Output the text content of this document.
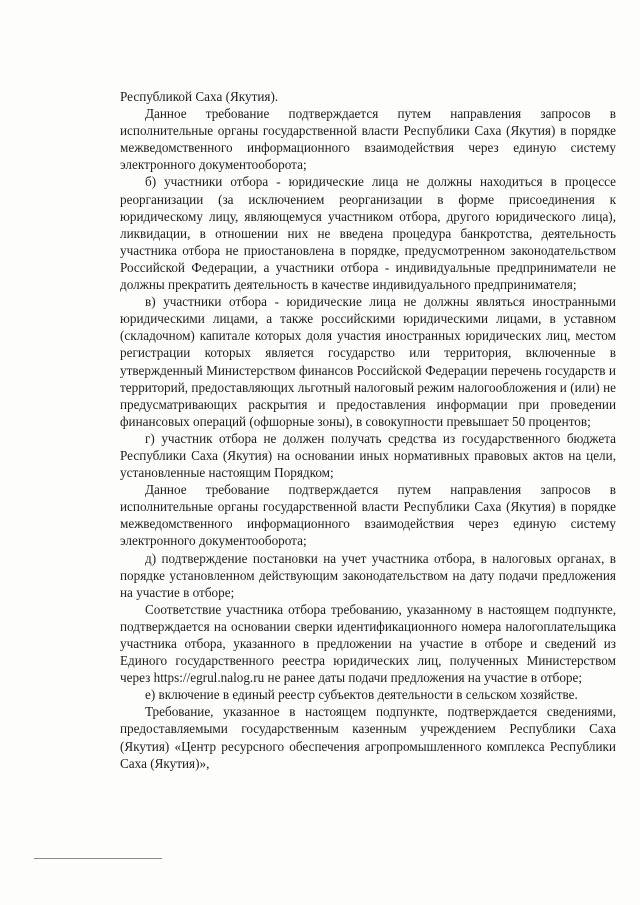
Республикой Саха (Якутия).

Данное требование подтверждается путем направления запросов в исполнительные органы государственной власти Республики Саха (Якутия) в порядке межведомственного информационного взаимодействия через единую систему электронного документооборота;

б) участники отбора - юридические лица не должны находиться в процессе реорганизации (за исключением реорганизации в форме присоединения к юридическому лицу, являющемуся участником отбора, другого юридического лица), ликвидации, в отношении них не введена процедура банкротства, деятельность участника отбора не приостановлена в порядке, предусмотренном законодательством Российской Федерации, а участники отбора - индивидуальные предприниматели не должны прекратить деятельность в качестве индивидуального предпринимателя;

в) участники отбора - юридические лица не должны являться иностранными юридическими лицами, а также российскими юридическими лицами, в уставном (складочном) капитале которых доля участия иностранных юридических лиц, местом регистрации которых является государство или территория, включенные в утвержденный Министерством финансов Российской Федерации перечень государств и территорий, предоставляющих льготный налоговый режим налогообложения и (или) не предусматривающих раскрытия и предоставления информации при проведении финансовых операций (офшорные зоны), в совокупности превышает 50 процентов;

г) участник отбора не должен получать средства из государственного бюджета Республики Саха (Якутия) на основании иных нормативных правовых актов на цели, установленные настоящим Порядком;

Данное требование подтверждается путем направления запросов в исполнительные органы государственной власти Республики Саха (Якутия) в порядке межведомственного информационного взаимодействия через единую систему электронного документооборота;

д) подтверждение постановки на учет участника отбора, в налоговых органах, в порядке установленном действующим законодательством на дату подачи предложения на участие в отборе;

Соответствие участника отбора требованию, указанному в настоящем подпункте, подтверждается на основании сверки идентификационного номера налогоплательщика участника отбора, указанного в предложении на участие в отборе и сведений из Единого государственного реестра юридических лиц, полученных Министерством через https://egrul.nalog.ru не ранее даты подачи предложения на участие в отборе;

е) включение в единый реестр субъектов деятельности в сельском хозяйстве.

Требование, указанное в настоящем подпункте, подтверждается сведениями, предоставляемыми государственным казенным учреждением Республики Саха (Якутия) «Центр ресурсного обеспечения агропромышленного комплекса Республики Саха (Якутия)»,
